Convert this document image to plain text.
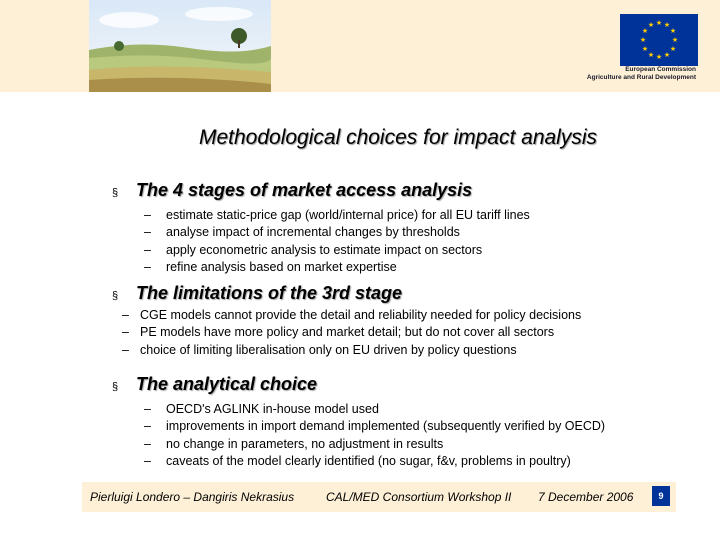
★ ★
★
★
★
★
★
★
★
★
★
★
European Commission
Agriculture and Rural Development
Methodological choices for impact analysis
§ The 4 stages of market access analysis
– estimate static-price gap (world/internal price) for all EU tariff lines
– analyse impact of incremental changes by thresholds
– apply econometric analysis to estimate impact on sectors
– refine analysis based on market expertise
§ The limitations of the 3rd stage
– CGE models cannot provide the detail and reliability needed for policy decisions
– PE models have more policy and market detail; but do not cover all sectors
– choice of limiting liberalisation only on EU driven by policy questions
§ The analytical choice
– OECD's AGLINK in-house model used
– improvements in import demand implemented (subsequently verified by OECD)
– no change in parameters, no adjustment in results
– caveats of the model clearly identified (no sugar, f&v, problems in poultry)
Pierluigi Londero – Dangiris Nekrasius	CAL/MED Consortium Workshop II 7 December 2006	9
